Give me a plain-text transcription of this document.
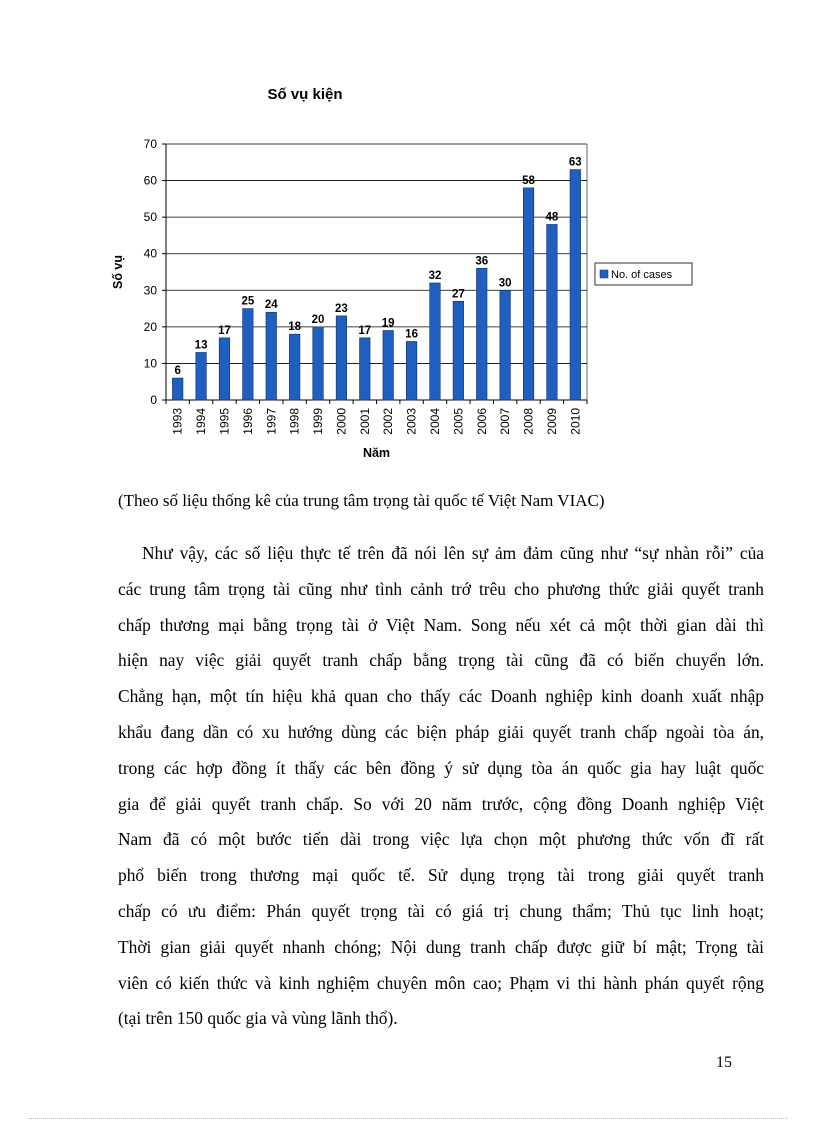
Số vụ kiện
0
10
20
30
40
50
60
70
6
1993
13
1994
17
1995
25
1996
24
1997
18
1998
20
1999
23
2000
17
2001
19
2002
16
2003
32
2004
27
2005
36
2006
30
2007
58
2008
48
2009
63
2010
Số vụ
Năm
No. of cases
(Theo số liệu thống kê của trung tâm trọng tài quốc tế Việt Nam VIAC)
Như vậy, các số liệu thực tế trên đã nói lên sự ảm đảm cũng như “sự nhàn rỗi” của
các trung tâm trọng tài cũng như tình cảnh trớ trêu cho phương thức giải quyết tranh
chấp thương mại bằng trọng tài ở Việt Nam. Song nếu xét cả một thời gian dài thì
hiện nay việc giải quyết tranh chấp bằng trọng tài cũng đã có biến chuyển lớn.
Chẳng hạn, một tín hiệu khả quan cho thấy các Doanh nghiệp kinh doanh xuất nhập
khẩu đang dần có xu hướng dùng các biện pháp giải quyết tranh chấp ngoài tòa án,
trong các hợp đồng ít thấy các bên đồng ý sử dụng tòa án quốc gia hay luật quốc
gia để giải quyết tranh chấp. So với 20 năm trước, cộng đồng Doanh nghiệp Việt
Nam đã có một bước tiến dài trong việc lựa chọn một phương thức vốn đĩ rất
phổ biến trong thương mại quốc tế. Sử dụng trọng tài trong giải quyết tranh
chấp có ưu điểm: Phán quyết trọng tài có giá trị chung thẩm; Thủ tục linh hoạt;
Thời gian giải quyết nhanh chóng; Nội dung tranh chấp được giữ bí mật; Trọng tài
viên có kiến thức và kinh nghiệm chuyên môn cao; Phạm vi thi hành phán quyết rộng
(tại trên 150 quốc gia và vùng lãnh thổ).
15
